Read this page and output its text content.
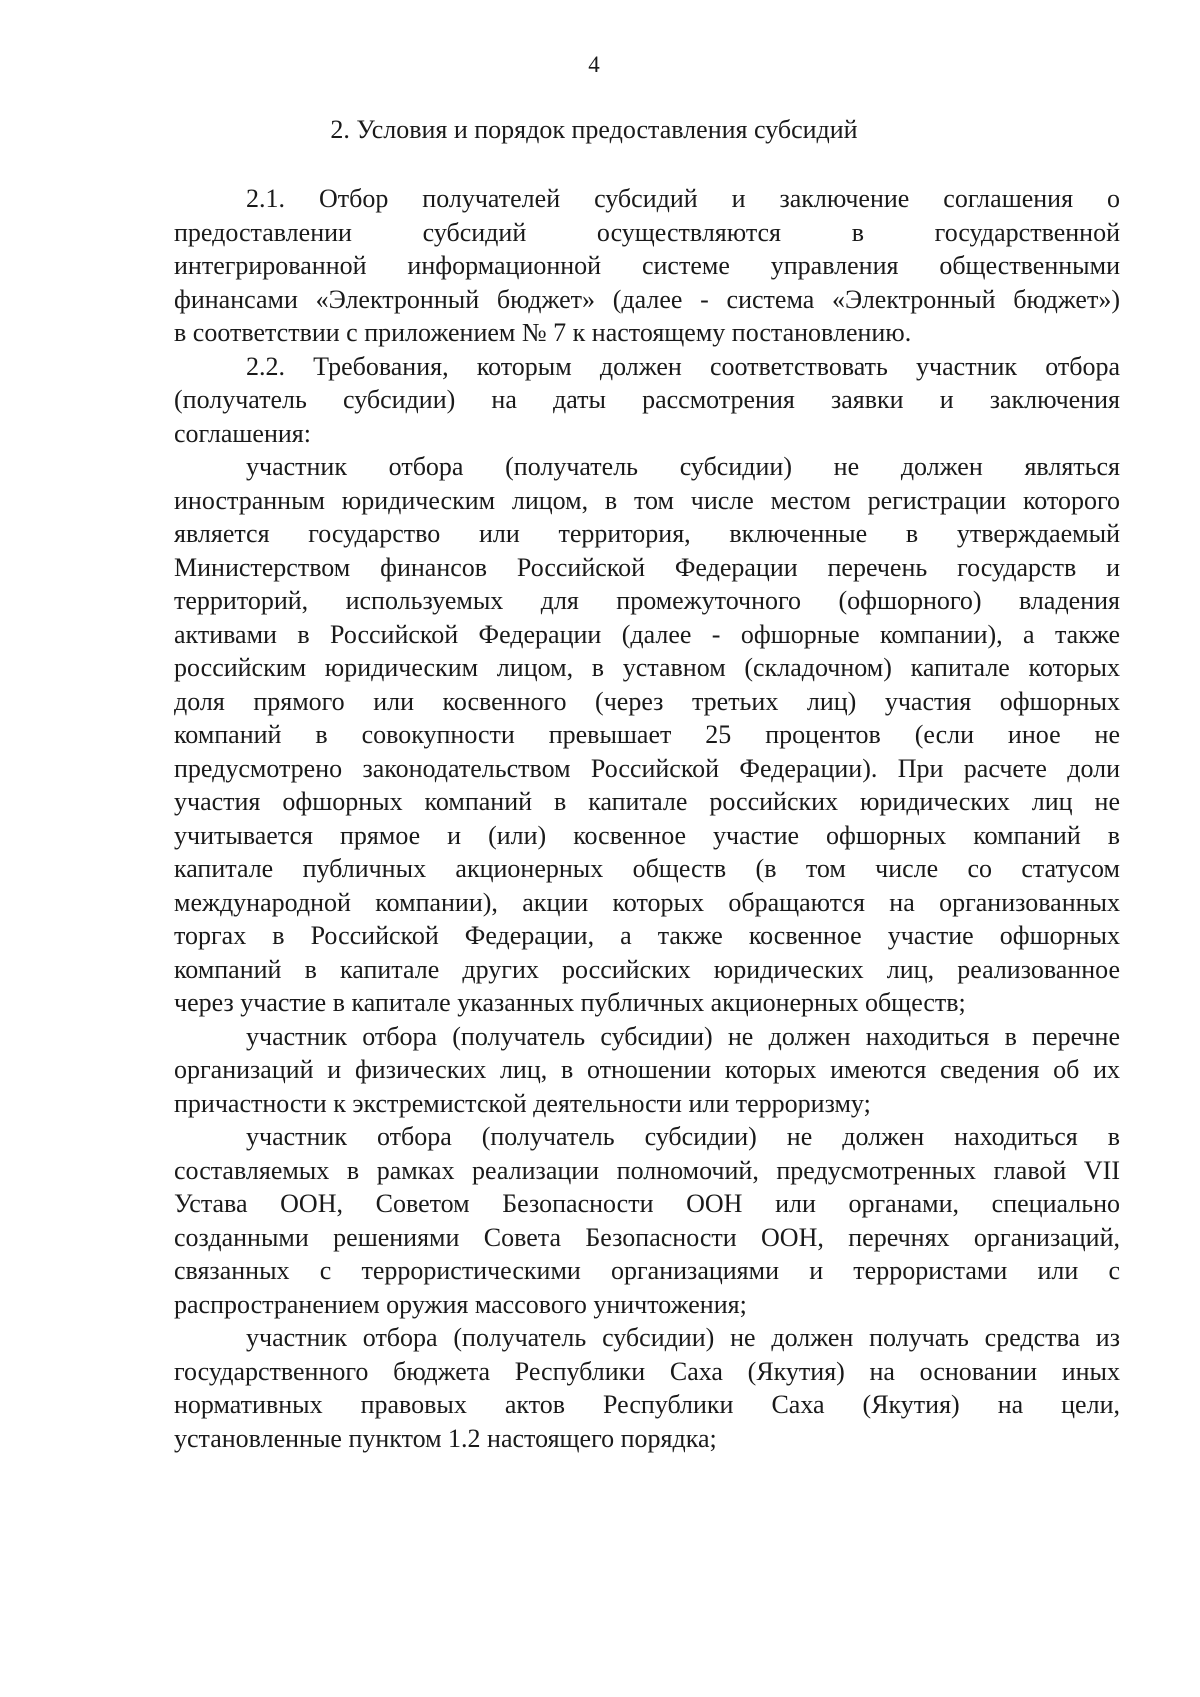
4
2. Условия и порядок предоставления субсидий
2.1. Отбор получателей субсидий и заключение соглашения о
предоставлении субсидий осуществляются в государственной
интегрированной информационной системе управления общественными
финансами «Электронный бюджет» (далее - система «Электронный бюджет»)
в соответствии с приложением № 7 к настоящему постановлению.
2.2. Требования, которым должен соответствовать участник отбора
(получатель субсидии) на даты рассмотрения заявки и заключения
соглашения:
участник отбора (получатель субсидии) не должен являться
иностранным юридическим лицом, в том числе местом регистрации которого
является государство или территория, включенные в утверждаемый
Министерством финансов Российской Федерации перечень государств и
территорий, используемых для промежуточного (офшорного) владения
активами в Российской Федерации (далее - офшорные компании), а также
российским юридическим лицом, в уставном (складочном) капитале которых
доля прямого или косвенного (через третьих лиц) участия офшорных
компаний в совокупности превышает 25 процентов (если иное не
предусмотрено законодательством Российской Федерации). При расчете доли
участия офшорных компаний в капитале российских юридических лиц не
учитывается прямое и (или) косвенное участие офшорных компаний в
капитале публичных акционерных обществ (в том числе со статусом
международной компании), акции которых обращаются на организованных
торгах в Российской Федерации, а также косвенное участие офшорных
компаний в капитале других российских юридических лиц, реализованное
через участие в капитале указанных публичных акционерных обществ;
участник отбора (получатель субсидии) не должен находиться в перечне
организаций и физических лиц, в отношении которых имеются сведения об их
причастности к экстремистской деятельности или терроризму;
участник отбора (получатель субсидии) не должен находиться в
составляемых в рамках реализации полномочий, предусмотренных главой VII
Устава ООН, Советом Безопасности ООН или органами, специально
созданными решениями Совета Безопасности ООН, перечнях организаций,
связанных с террористическими организациями и террористами или с
распространением оружия массового уничтожения;
участник отбора (получатель субсидии) не должен получать средства из
государственного бюджета Республики Саха (Якутия) на основании иных
нормативных правовых актов Республики Саха (Якутия) на цели,
установленные пунктом 1.2 настоящего порядка;
